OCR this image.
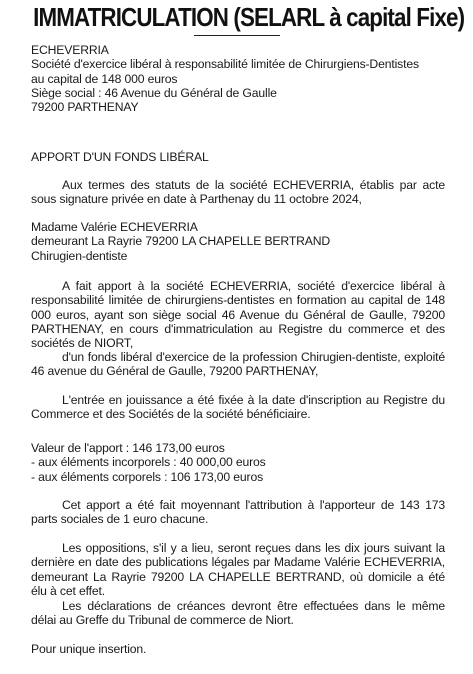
IMMATRICULATION (SELARL à capital Fixe)
ECHEVERRIA
Société d'exercice libéral à responsabilité limitée de Chirurgiens-Dentistes
au capital de 148 000 euros
Siège social : 46 Avenue du Général de Gaulle
79200 PARTHENAY
APPORT D'UN FONDS LIBÉRAL
Aux termes des statuts de la société ECHEVERRIA, établis par acte sous signature privée en date à Parthenay du 11 octobre 2024,
Madame Valérie ECHEVERRIA
demeurant La Rayrie 79200 LA CHAPELLE BERTRAND
Chirugien-dentiste
A fait apport à la société ECHEVERRIA, société d'exercice libéral à responsabilité limitée de chirurgiens-dentistes en formation au capital de 148 000 euros, ayant son siège social 46 Avenue du Général de Gaulle, 79200 PARTHENAY, en cours d'immatriculation au Registre du commerce et des sociétés de NIORT,
d'un fonds libéral d'exercice de la profession Chirugien-dentiste, exploité 46 avenue du Général de Gaulle, 79200 PARTHENAY,
L'entrée en jouissance a été fixée à la date d'inscription au Registre du Commerce et des Sociétés de la société bénéficiaire.
Valeur de l'apport : 146 173,00 euros
- aux éléments incorporels : 40 000,00 euros
- aux éléments corporels : 106 173,00 euros
Cet apport a été fait moyennant l'attribution à l'apporteur de 143 173 parts sociales de 1 euro chacune.
Les oppositions, s'il y a lieu, seront reçues dans les dix jours suivant la dernière en date des publications légales par Madame Valérie ECHEVERRIA, demeurant La Rayrie 79200 LA CHAPELLE BERTRAND, où domicile a été élu à cet effet.
Les déclarations de créances devront être effectuées dans le même délai au Greffe du Tribunal de commerce de Niort.
Pour unique insertion.
